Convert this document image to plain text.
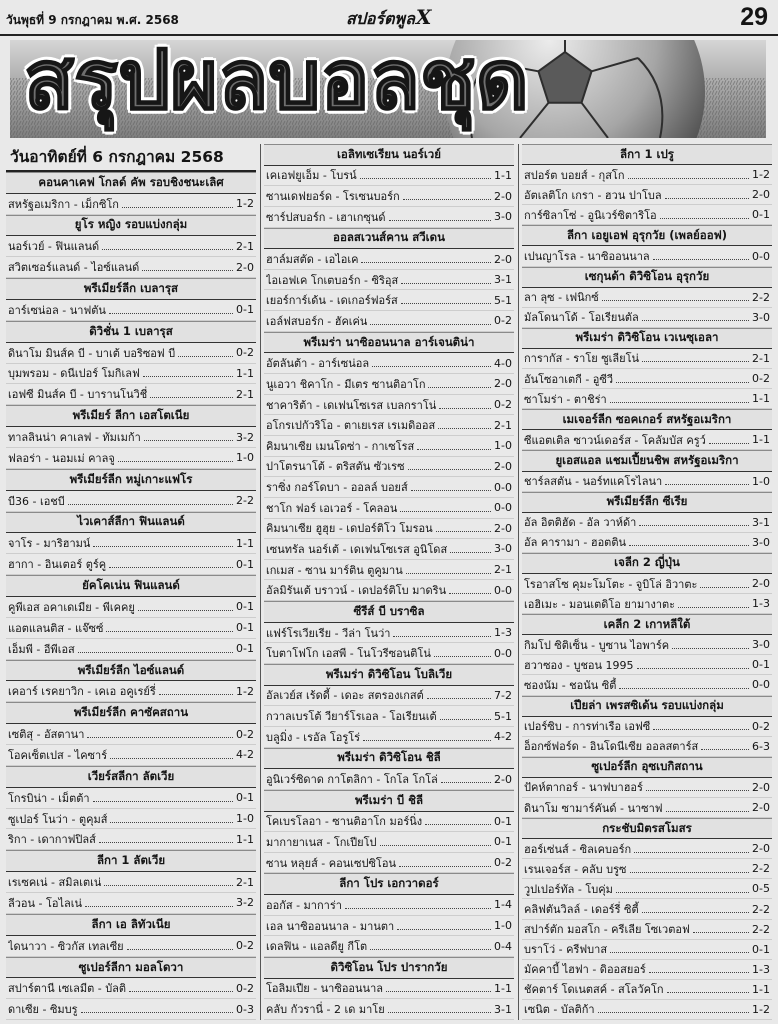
วันพุธที่ 9 กรกฎาคม พ.ศ. 2568	สปอร์ตพูลX	29
สรุปผลบอลชุด
วันอาทิตย์ที่ 6 กรกฎาคม 2568
คอนคาเคฟ โกลด์ คัพ รอบชิงชนะเลิศ
สหรัฐอเมริกา - เม็กซิโก	1-2
ยูโร หญิง รอบแบ่งกลุ่ม
นอร์เวย์ - ฟินแลนด์	2-1
สวิตเซอร์แลนด์ - ไอซ์แลนด์	2-0
พรีเมียร์ลีก เบลารุส
อาร์เซน่อล - นาฟตัน	0-1
ดิวิชั่น 1 เบลารุส
ดินาโม มินส์ค บี - บาเต้ บอริซอฟ บี	0-2
บุมพรอม - ดนีเปอร์ โมกิเลฟ	1-1
เอฟซี มินส์ค บี - บารานโนวิชี่	2-1
พรีเมียร์ ลีกา เอสโตเนีย
ทาลลินน่า คาเลฟ - ทัมเมก้า	3-2
ฟลอร่า - นอมเม่ คาลจู	1-0
พรีเมียร์ลีก หมู่เกาะแฟโร
บี36 - เอชบี	2-2
ไวเคาส์ลีกา ฟินแลนด์
จาโร - มาริฮามน์	1-1
ฮากา - อินเตอร์ ตูร์คู	0-1
ยัคโคเน่น ฟินแลนด์
คูพีเอส อคาเดเมีย - พีเคคยู	0-1
แอตแลนติส - แจ๊ซซ์	0-1
เอ็มพี - อีพีเอส	0-1
พรีเมียร์ลีก ไอซ์แลนด์
เคอาร์ เรคยาวิก - เคเอ อคูเรย์รี่	1-2
พรีเมียร์ลีก คาซัคสถาน
เซติสุ - อัสตานา	0-2
โอคเซ็ตเปส - ไคซาร์	4-2
เวียร์สลีกา ลัตเวีย
โกรบิน่า - เม็ตต้า	0-1
ซูเปอร์ โนว่า - ตูคุมส์	1-0
ริกา - เดากาฟปิลส์	1-1
ลีกา 1 ลัตเวีย
เรเซคเน่ - สมิลเตเน่	2-1
ลีวอน - โอไลเน่	3-2
ลีกา เอ ลิทัวเนีย
ไดนาวา - ซิวกัส เทลเซีย	0-2
ซูเปอร์ลีกา มอลโดวา
สปาร์ตานี เซเลมีต - บัลติ	0-2
ดาเซีย - ซิมบรู	0-3
เอลิทเซเรียน นอร์เวย์
เคเอฟยูเอ็ม - โบรน์	1-1
ซานเดฟยอร์ด - โรเซนบอร์ก	2-0
ซาร์ปสบอร์ก - เฮาเกซุนด์	3-0
ออลสเวนส์คาน สวีเดน
ฮาล์มสตัด - เอไอเค	2-0
ไอเอฟเค โกเตบอร์ก - ซิริอุส	3-1
เยอร์การ์เด้น - เดเกอร์ฟอร์ส	5-1
เอล์ฟสบอร์ก - ฮัคเค่น	0-2
พรีเมร่า นาซิออนนาล อาร์เจนติน่า
อัตลันต้า - อาร์เซน่อล	4-0
นูเอวา ชิคาโก - มีเตร ซานติอาโก	2-0
ชาคาริต้า - เดเฟนโซเรส เบลกราโน่	0-2
อโกรเปกัวริโอ - ตาเยเรส เรเมดิออส	2-1
คิมนาเซีย เมนโดซ่า - กาเซโรส	1-0
ปาโตรนาโต้ - ตริสตัน ซัวเรซ	2-0
ราซิ่ง กอร์โดบา - ออลล์ บอยส์	0-0
ชาโก ฟอร์ เอเวอร์ - โคลอน	0-0
คิมนาเซีย ฮูฮุย - เดปอร์ติโว โมรอน	2-0
เซนทรัล นอร์เต้ - เดเฟนโซเรส อูนิโดส	3-0
เกเมส - ซาน มาร์ติน ตูคูมาน	2-1
อัลมิรันเต้ บราวน์ - เดปอร์ติโบ มาดริน	0-0
ซีรีส์ บี บราซิล
แฟร์โรเวียเรีย - วีล่า โนว่า	1-3
โบตาโฟโก เอสพี - โนโวรีซอนติโน่	0-0
พรีเมร่า ดิวิซิโอน โบลิเวีย
อัลเวย์ส เร้ดดี้ - เดอะ สตรองเกสต์	7-2
กวาลเบรโต้ วียาร์โรเอล - โอเรียนเต้	5-1
บลูมิ่ง - เรอัล โอรูโร่	4-2
พรีเมร่า ดิวิซิโอน ชิลี
อูนิเวร์ซิดาด กาโตลิกา - โกโล โกโล่	2-0
พรีเมร่า บี ชิลี
โคเบรโลอา - ซานติอาโก มอร์นิ่ง	0-1
มากายาเนส - โกเปียโป	0-1
ซาน หลุยส์ - คอนเซปซิโอน	0-2
ลีกา โปร เอกวาดอร์
ออกัส - มาการ่า	1-4
เอล นาซิออนนาล - มานตา	1-0
เดลฟิน - แอลดียู กีโต	0-4
ดิวิซิโอน โปร ปารากวัย
โอลิมเปีย - นาซิออนนาล	1-1
คลับ กัวรานี่ - 2 เด มาโย	3-1
ลีกา 1 เปรู
สปอร์ต บอยส์ - กุสโก	1-2
อัตเลติโก เกรา - ฮวน ปาโบล	2-0
การ์ซิลาโซ่ - อูนิเวร์ซิตาริโอ	0-1
ลีกา เอยูเอฟ อุรุกวัย (เพลย์ออฟ)
เปนญาโรล - นาซิออนนาล	0-0
เซกุนด้า ดิวิซิโอน อุรุกวัย
ลา ลุซ - เฟนิกซ์	2-2
มัลโดนาโด้ - โอเรียนตัล	3-0
พรีเมร่า ดิวิซิโอน เวเนซุเอลา
การากัส - ราโย ซูเลียโน่	2-1
อันโซอาเตกี - อูซีวี	0-2
ซาโมร่า - ตาชิร่า	1-1
เมเจอร์ลีก ซอคเกอร์ สหรัฐอเมริกา
ซีแอตเติล ซาวน์เดอร์ส - โคลัมบัส ครูว์	1-1
ยูเอสแอล แชมเปี้ยนชิพ สหรัฐอเมริกา
ชาร์ลสตัน - นอร์ทแคโรไลนา	1-0
พรีเมียร์ลีก ซีเรีย
อัล อิตติฮัด - อัล วาห์ด้า	3-1
อัล คารามา - ฮอตติน	3-0
เจลีก 2 ญี่ปุ่น
โรอาสโซ คุมะโมโตะ - จูบิโล่ อิวาตะ	2-0
เอฮิเมะ - มอนเตดิโอ ยามางาตะ	1-3
เคลีก 2 เกาหลีใต้
กิมโป ซิติเซ็น - บูซาน ไอพาร์ค	3-0
ฮวาซอง - บูชอน 1995	0-1
ซองนัม - ชอนัน ซิตี้	0-0
เปียล่า เพรสซิเด้น รอบแบ่งกลุ่ม
เปอร์ซิบ - การท่าเรือ เอฟซี	0-2
อ็อกซ์ฟอร์ด - อินโดนีเซีย ออลสตาร์ส	6-3
ซูเปอร์ลีก อุซเบกิสถาน
ปัคห์ตากอร์ - นาฟบาฮอร์	2-0
ดินาโม ซามาร์คันด์ - นาซาฟ	2-0
กระชับมิตรสโมสร
ฮอร์เซ่นส์ - ซิลเคบอร์ก	2-0
เรนเจอร์ส - คลับ บรูซ	2-2
วูปเปอร์ทัล - โบคุ่ม	0-5
คลิฟตันวิลล์ - เดอร์รี่ ซิตี้	2-2
สปาร์ตัก มอสโก - ครีเลีย โซเวตอฟ	2-2
บราโว่ - ครีฟบาส	0-1
มัคคาบี้ ไฮฟา - ดิออสยอร์	1-3
ชัคตาร์ โดเนตสค์ - สโลวัคโก	1-1
เซนิต - บัลติก้า	1-2
